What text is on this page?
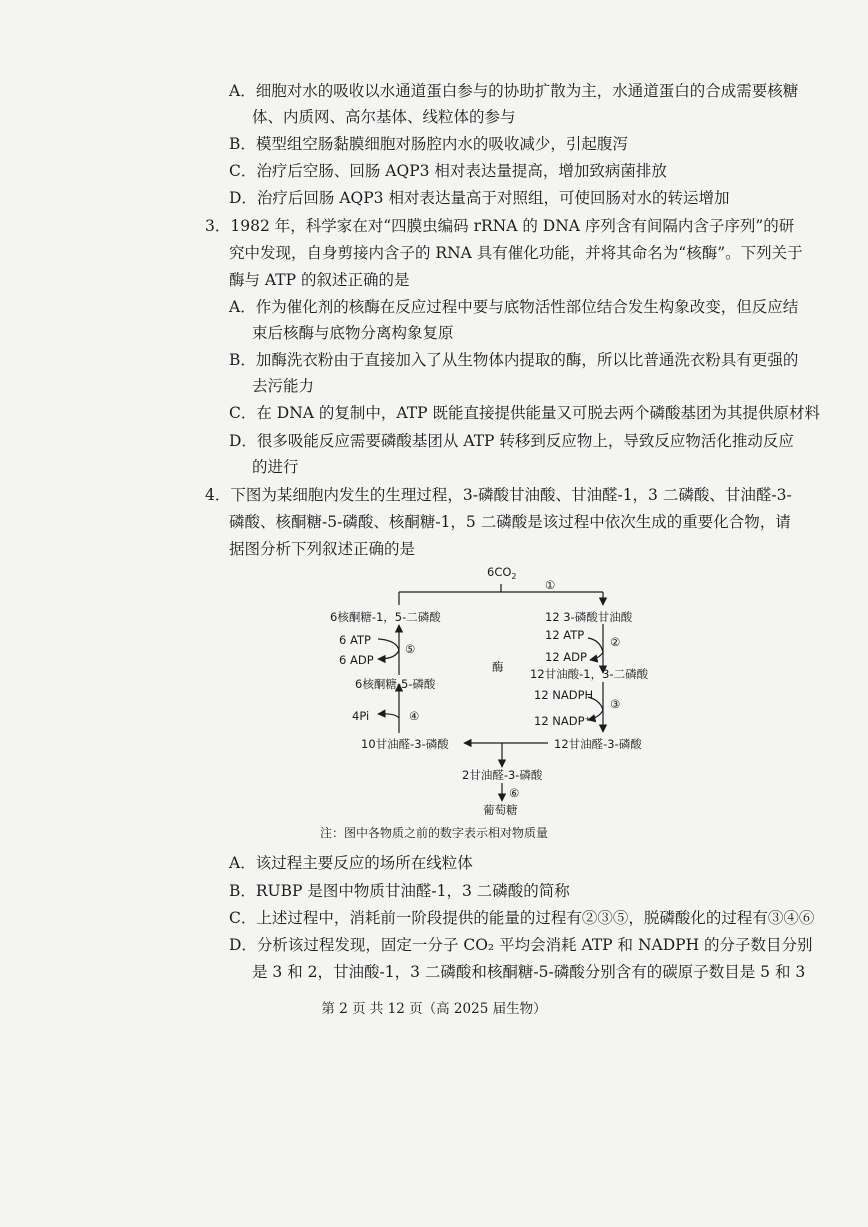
A．细胞对水的吸收以水通道蛋白参与的协助扩散为主，水通道蛋白的合成需要核糖
体、内质网、高尔基体、线粒体的参与
B．模型组空肠黏膜细胞对肠腔内水的吸收减少，引起腹泻
C．治疗后空肠、回肠 AQP3 相对表达量提高，增加致病菌排放
D．治疗后回肠 AQP3 相对表达量高于对照组，可使回肠对水的转运增加
3．1982 年，科学家在对“四膜虫编码 rRNA 的 DNA 序列含有间隔内含子序列”的研
究中发现，自身剪接内含子的 RNA 具有催化功能，并将其命名为“核酶”。下列关于
酶与 ATP 的叙述正确的是
A．作为催化剂的核酶在反应过程中要与底物活性部位结合发生构象改变，但反应结
束后核酶与底物分离构象复原
B．加酶洗衣粉由于直接加入了从生物体内提取的酶，所以比普通洗衣粉具有更强的
去污能力
C．在 DNA 的复制中，ATP 既能直接提供能量又可脱去两个磷酸基团为其提供原材料
D．很多吸能反应需要磷酸基团从 ATP 转移到反应物上，导致反应物活化推动反应
的进行
4．下图为某细胞内发生的生理过程，3-磷酸甘油酸、甘油醛-1，3 二磷酸、甘油醛-3-
磷酸、核酮糖-5-磷酸、核酮糖-1，5 二磷酸是该过程中依次生成的重要化合物，请
据图分析下列叙述正确的是
$6CO_2$
①
6核酮糖-1，5-二磷酸	12 3-磷酸甘油酸
12 ATP ②
12 ADP
12甘油酸-1，3-二磷酸
12 NADPH
③
12 NADP⁺
12甘油醛-3-磷酸
10甘油醛-3-磷酸
酶
6 ATP
6 ADP
⑤
6核酮糖-5-磷酸
4Pi	④
2甘油醛-3-磷酸
⑥
葡萄糖
注：图中各物质之前的数字表示相对物质量
A．该过程主要反应的场所在线粒体
B．RUBP 是图中物质甘油醛-1，3 二磷酸的简称
C．上述过程中，消耗前一阶段提供的能量的过程有②③⑤，脱磷酸化的过程有③④⑥
D．分析该过程发现，固定一分子 CO₂ 平均会消耗 ATP 和 NADPH 的分子数目分别
是 3 和 2，甘油酸-1，3 二磷酸和核酮糖-5-磷酸分别含有的碳原子数目是 5 和 3
第 2 页 共 12 页（高 2025 届生物）
